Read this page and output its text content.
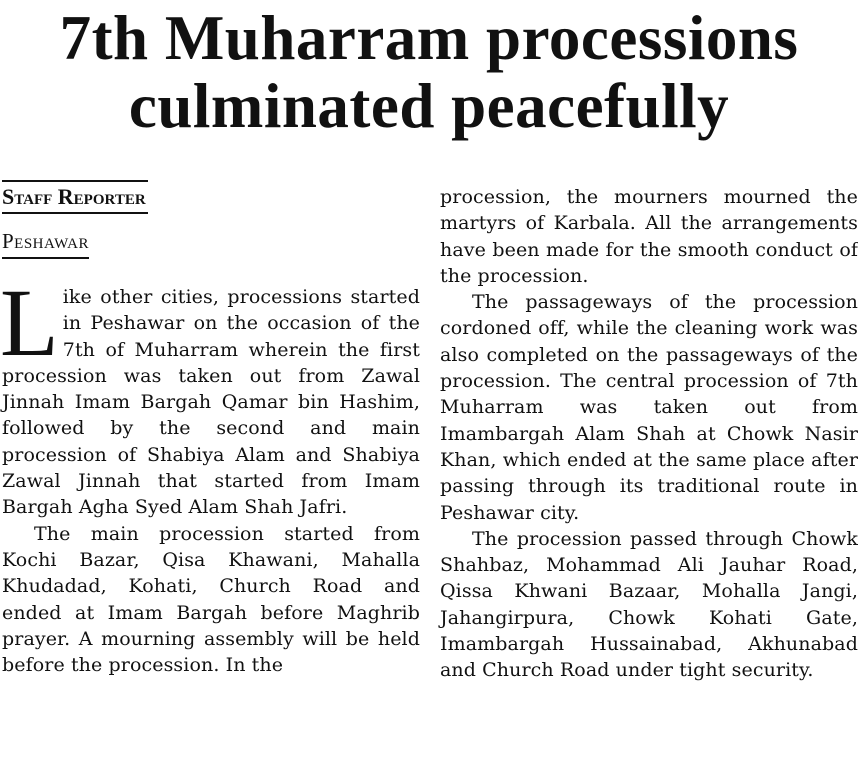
7th Muharram processions culminated peacefully
Staff Reporter
Peshawar

Like other cities, processions started in Peshawar on the occasion of the 7th of Muharram wherein the first procession was taken out from Zawal Jinnah Imam Bargah Qamar bin Hashim, followed by the second and main procession of Shabiya Alam and Shabiya Zawal Jinnah that started from Imam Bargah Agha Syed Alam Shah Jafri.

The main procession started from Kochi Bazar, Qisa Khawani, Mahalla Khudadad, Kohati, Church Road and ended at Imam Bargah before Maghrib prayer. A mourning assembly will be held before the procession. In the

procession, the mourners mourned the martyrs of Karbala. All the arrangements have been made for the smooth conduct of the procession.

The passageways of the procession cordoned off, while the cleaning work was also completed on the passageways of the procession. The central procession of 7th Muharram was taken out from Imambargah Alam Shah at Chowk Nasir Khan, which ended at the same place after passing through its traditional route in Peshawar city.

The procession passed through Chowk Shahbaz, Mohammad Ali Jauhar Road, Qissa Khwani Bazaar, Mohalla Jangi, Jahangirpura, Chowk Kohati Gate, Imambargah Hussainabad, Akhunabad and Church Road under tight security.
